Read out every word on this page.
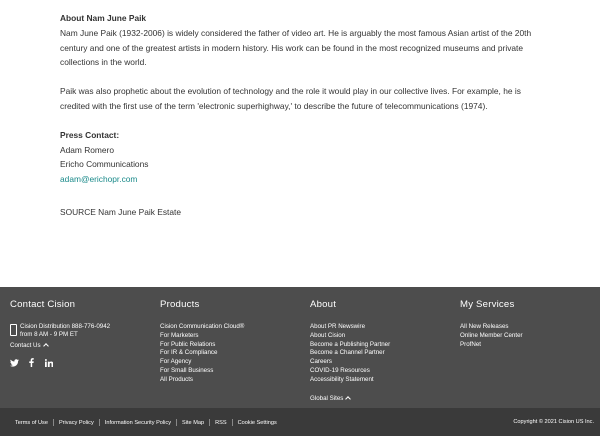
About Nam June Paik

Nam June Paik (1932-2006) is widely considered the father of video art. He is arguably the most famous Asian artist of the 20th century and one of the greatest artists in modern history. His work can be found in the most recognized museums and private collections in the world.

Paik was also prophetic about the evolution of technology and the role it would play in our collective lives. For example, he is credited with the first use of the term 'electronic superhighway,' to describe the future of telecommunications (1974).

Press Contact:

Adam Romero

Ericho Communications

adam@erichopr.com

SOURCE Nam June Paik Estate

Contact Cision
Cision Distribution 888-776-0942
from 8 AM - 9 PM ET
Contact Us

Products
Cision Communication Cloud®
For Marketers
For Public Relations
For IR & Compliance
For Agency
For Small Business
All Products
About
About PR Newswire
About Cision
Become a Publishing Partner
Become a Channel Partner
Careers
COVID-19 Resources
Accessibility Statement
Global Sites
My Services
All New Releases
Online Member Center
ProfNet
Terms of Use Privacy Policy Information Security Policy Site Map RSS Cookie Settings	Copyright © 2021 Cision US Inc.
